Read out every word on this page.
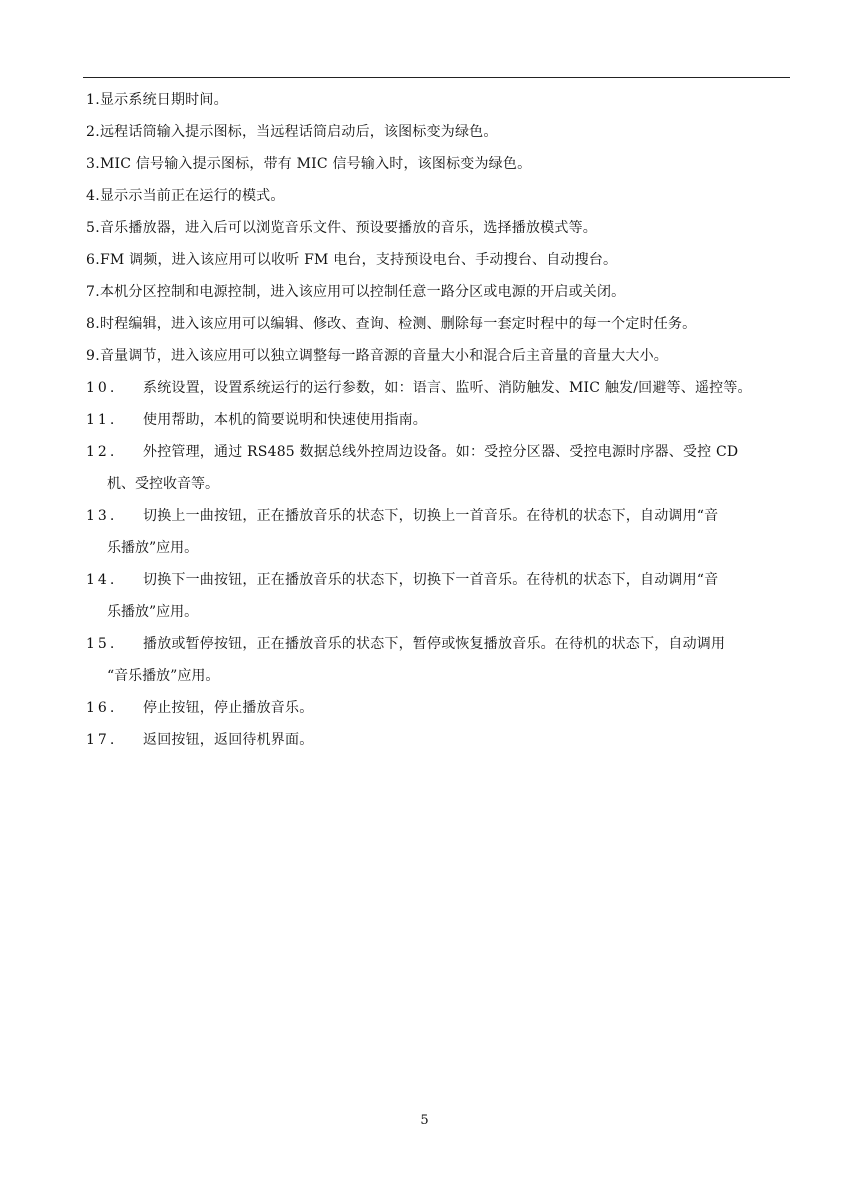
1.显示系统日期时间。
2.远程话筒输入提示图标，当远程话筒启动后，该图标变为绿色。
3.MIC 信号输入提示图标，带有 MIC 信号输入时，该图标变为绿色。
4.显示示当前正在运行的模式。
5.音乐播放器，进入后可以浏览音乐文件、预设要播放的音乐，选择播放模式等。
6.FM 调频，进入该应用可以收听 FM 电台，支持预设电台、手动搜台、自动搜台。
7.本机分区控制和电源控制，进入该应用可以控制任意一路分区或电源的开启或关闭。
8.时程编辑，进入该应用可以编辑、修改、查询、检测、删除每一套定时程中的每一个定时任务。
9.音量调节，进入该应用可以独立调整每一路音源的音量大小和混合后主音量的音量大大小。
10. 系统设置，设置系统运行的运行参数，如：语言、监听、消防触发、MIC 触发/回避等、遥控等。
11. 使用帮助，本机的简要说明和快速使用指南。
12. 外控管理，通过 RS485 数据总线外控周边设备。如：受控分区器、受控电源时序器、受控 CD
机、受控收音等。
13. 切换上一曲按钮，正在播放音乐的状态下，切换上一首音乐。在待机的状态下，自动调用“音
乐播放”应用。
14. 切换下一曲按钮，正在播放音乐的状态下，切换下一首音乐。在待机的状态下，自动调用“音
乐播放”应用。
15. 播放或暂停按钮，正在播放音乐的状态下，暂停或恢复播放音乐。在待机的状态下，自动调用
“音乐播放”应用。
16. 停止按钮，停止播放音乐。
17. 返回按钮，返回待机界面。
5
